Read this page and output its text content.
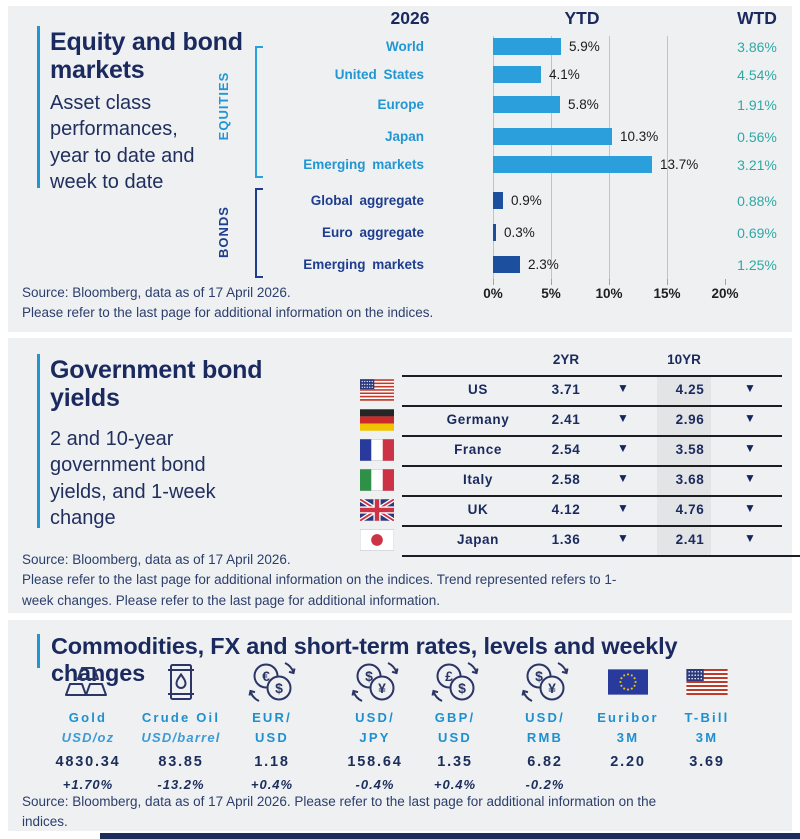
Equity and bond markets
Asset class performances, year to date and week to date
2026	YTD	WTD
EQUITIES
BONDS
0%	5%	10%	15%	20%
World	5.9%	3.86%
United States	4.1%	4.54%
Europe	5.8%	1.91%
Japan	10.3%	0.56%
Emerging markets	13.7%	3.21%
Global aggregate	0.9%	0.88%
Euro aggregate	0.3%	0.69%
Emerging markets	2.3%	1.25%
Source: Bloomberg, data as of 17 April 2026.
Please refer to the last page for additional information on the indices.
Government bond yields
2 and 10-year government bond yields, and 1-week change
2YR	10YR
US	3.71	▼	4.25	▼
Germany	2.41	▼	2.96	▼
France	2.54	▼	3.58	▼
Italy	2.58	▼	3.68	▼
UK	4.12	▼	4.76	▼
Japan	1.36	▼	2.41	▼
Source: Bloomberg, data as of 17 April 2026.
Please refer to the last page for additional information on the indices. Trend represented refers to 1-
week changes. Please refer to the last page for additional information.
Commodities, FX and short-term rates, levels and weekly changes
Gold
USD/oz
4830.34
+1.70%
Crude Oil
USD/barrel
83.85
-13.2%
€
$
EUR/
USD
1.18
+0.4%
$
¥
USD/
JPY
158.64
-0.4%
£
$
GBP/
USD
1.35
+0.4%
$
¥
USD/
RMB
6.82
-0.2%
Euribor
3M
2.20
T-Bill
3M
3.69
Source: Bloomberg, data as of 17 April 2026. Please refer to the last page for additional information on the
indices.
